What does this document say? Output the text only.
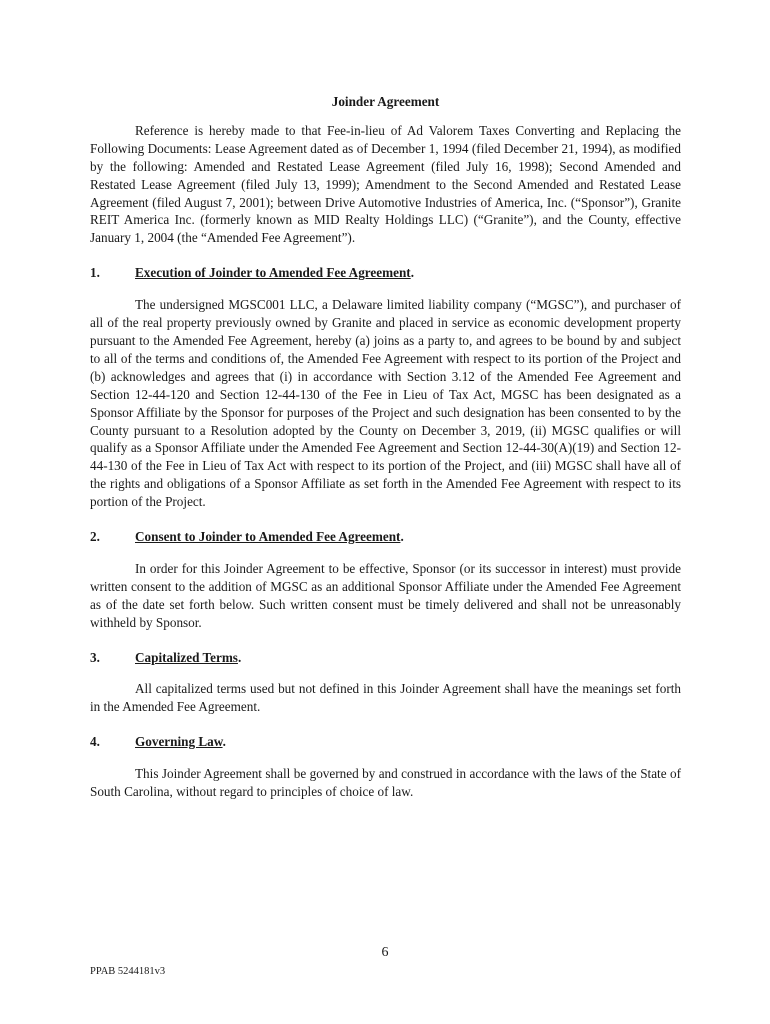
Joinder Agreement

Reference is hereby made to that Fee-in-lieu of Ad Valorem Taxes Converting and Replacing the Following Documents: Lease Agreement dated as of December 1, 1994 (filed December 21, 1994), as modified by the following: Amended and Restated Lease Agreement (filed July 16, 1998); Second Amended and Restated Lease Agreement (filed July 13, 1999); Amendment to the Second Amended and Restated Lease Agreement (filed August 7, 2001); between Drive Automotive Industries of America, Inc. (“Sponsor”), Granite REIT America Inc. (formerly known as MID Realty Holdings LLC) (“Granite”), and the County, effective January 1, 2004 (the “Amended Fee Agreement”).

1.	Execution of Joinder to Amended Fee Agreement.

The undersigned MGSC001 LLC, a Delaware limited liability company (“MGSC”), and purchaser of all of the real property previously owned by Granite and placed in service as economic development property pursuant to the Amended Fee Agreement, hereby (a) joins as a party to, and agrees to be bound by and subject to all of the terms and conditions of, the Amended Fee Agreement with respect to its portion of the Project and (b) acknowledges and agrees that (i) in accordance with Section 3.12 of the Amended Fee Agreement and Section 12-44-120 and Section 12-44-130 of the Fee in Lieu of Tax Act, MGSC has been designated as a Sponsor Affiliate by the Sponsor for purposes of the Project and such designation has been consented to by the County pursuant to a Resolution adopted by the County on December 3, 2019, (ii) MGSC qualifies or will qualify as a Sponsor Affiliate under the Amended Fee Agreement and Section 12-44-30(A)(19) and Section 12-44-130 of the Fee in Lieu of Tax Act with respect to its portion of the Project, and (iii) MGSC shall have all of the rights and obligations of a Sponsor Affiliate as set forth in the Amended Fee Agreement with respect to its portion of the Project.

2.	Consent to Joinder to Amended Fee Agreement.

In order for this Joinder Agreement to be effective, Sponsor (or its successor in interest) must provide written consent to the addition of MGSC as an additional Sponsor Affiliate under the Amended Fee Agreement as of the date set forth below. Such written consent must be timely delivered and shall not be unreasonably withheld by Sponsor.

3.	Capitalized Terms.

All capitalized terms used but not defined in this Joinder Agreement shall have the meanings set forth in the Amended Fee Agreement.

4.	Governing Law.

This Joinder Agreement shall be governed by and construed in accordance with the laws of the State of South Carolina, without regard to principles of choice of law.

6
PPAB 5244181v3
